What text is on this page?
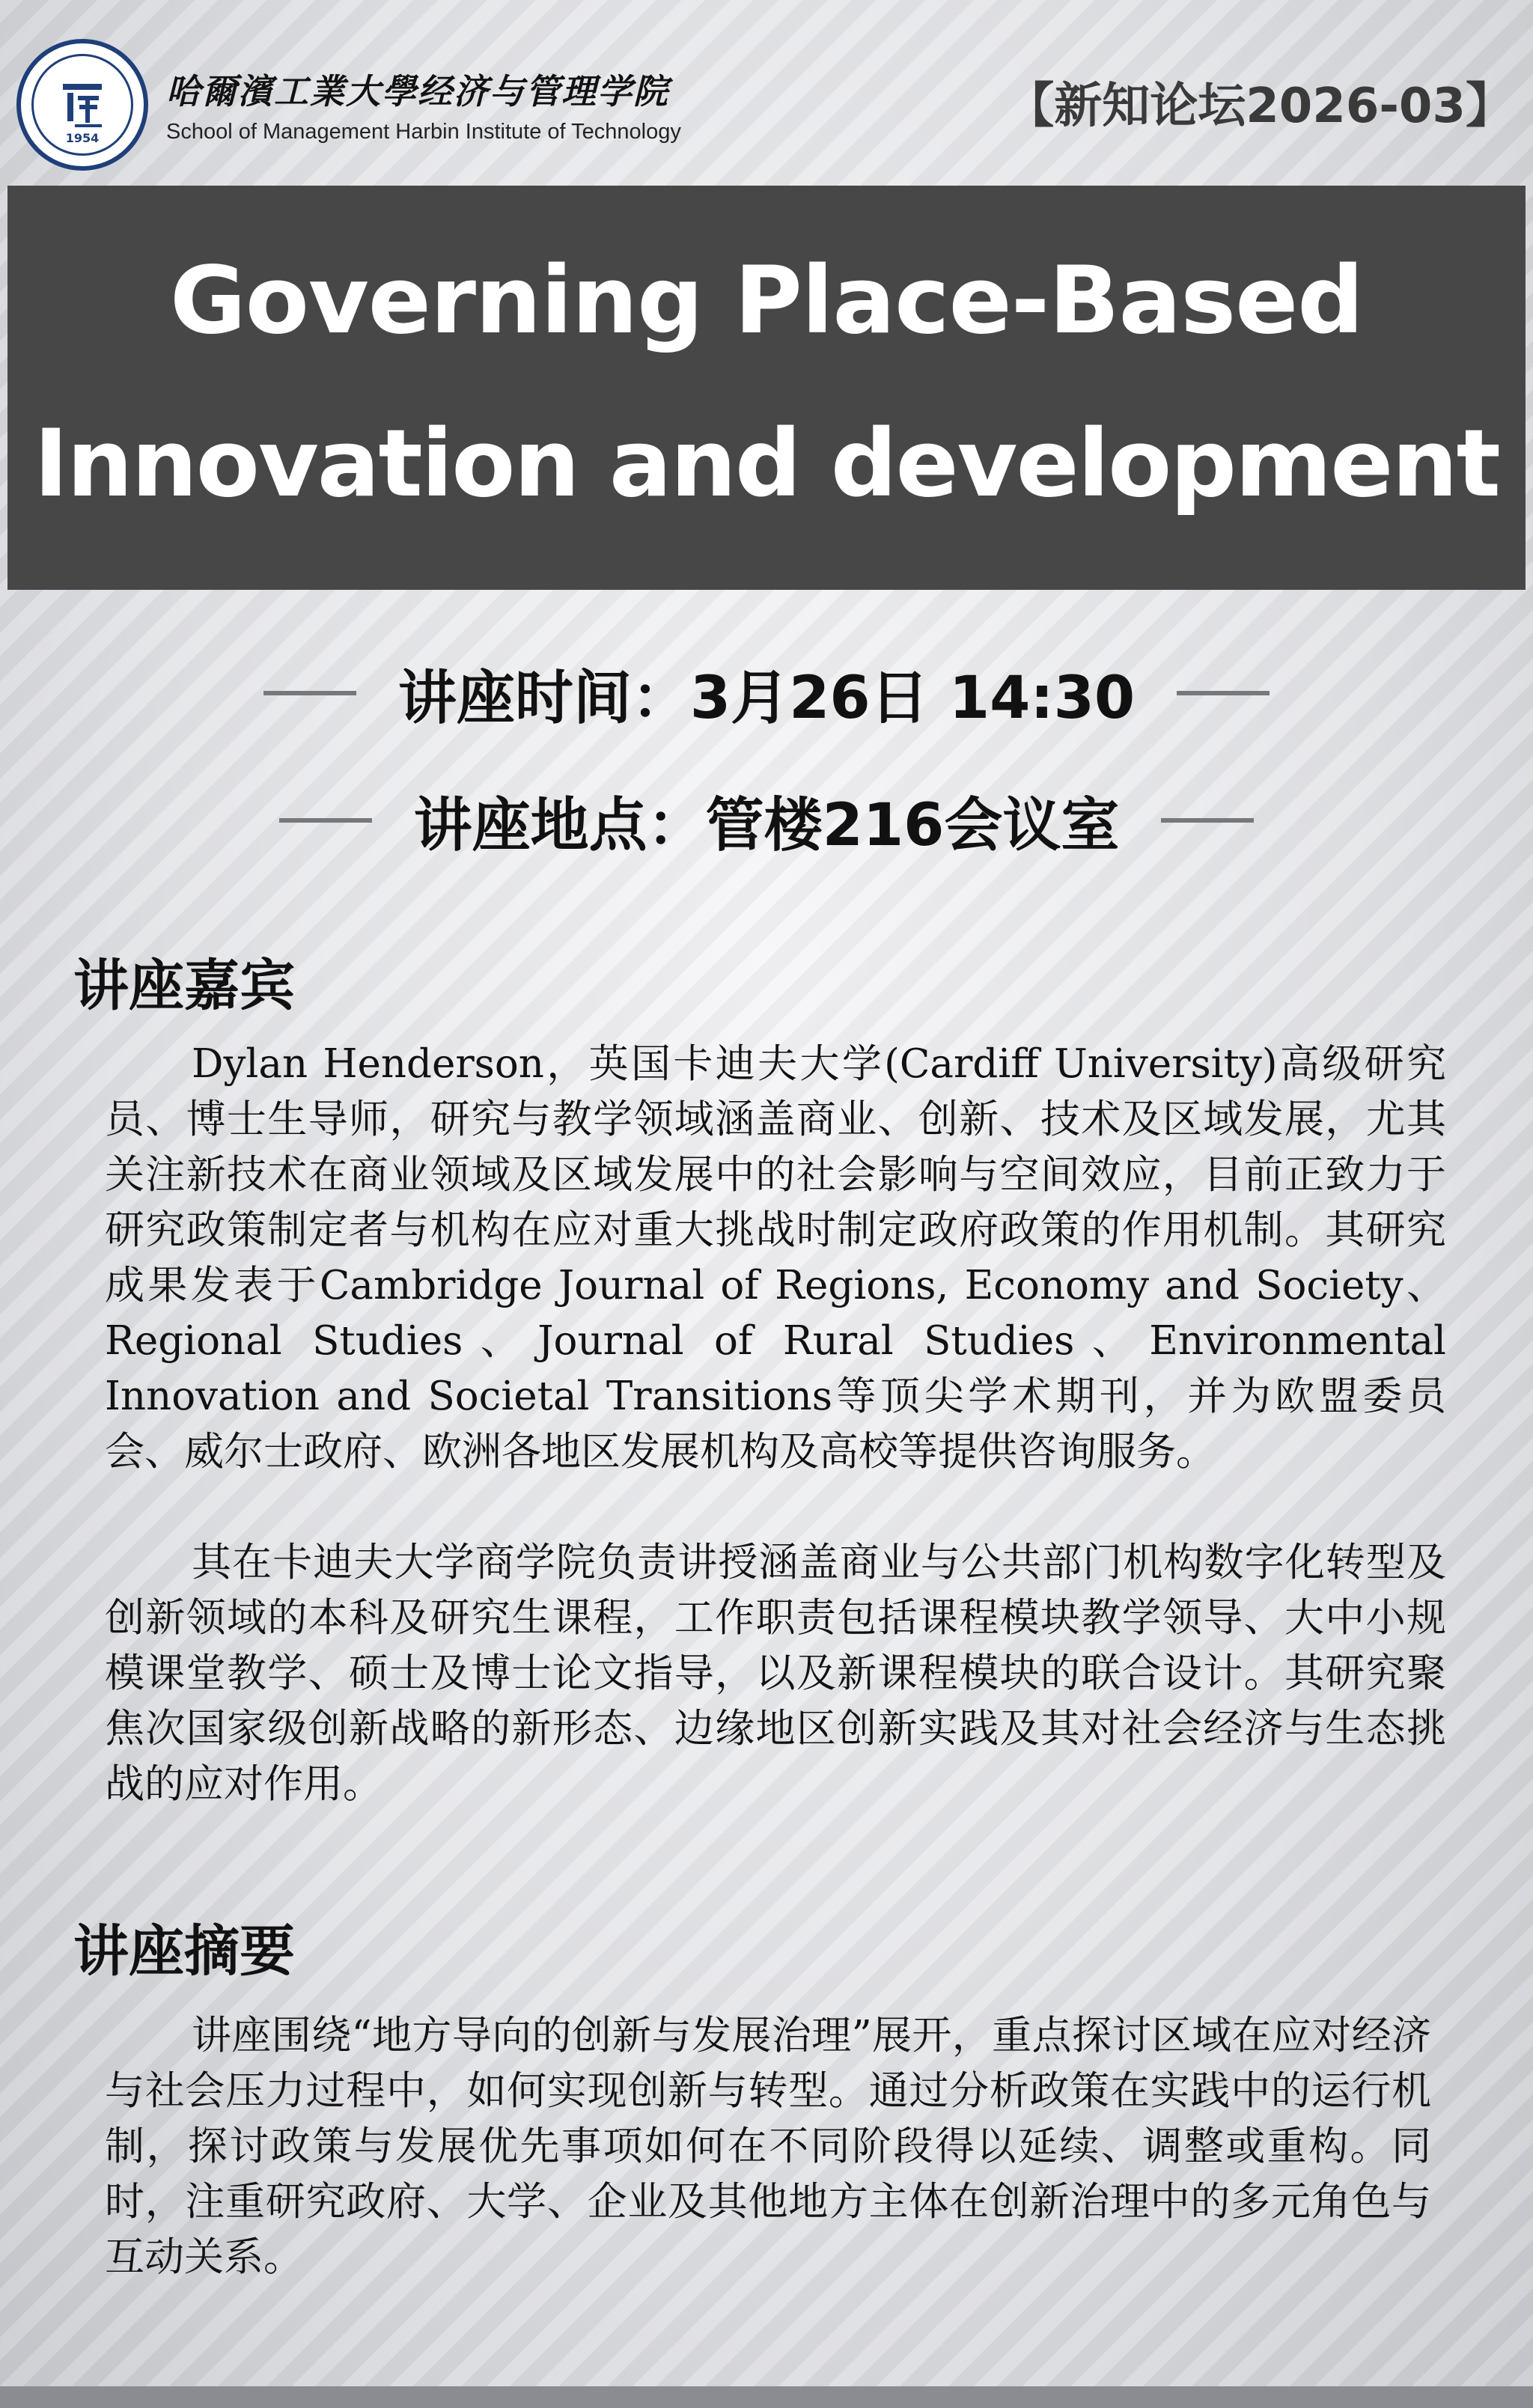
1954
哈爾濱工業大學经济与管理学院
School of Management Harbin Institute of Technology	【新知论坛2026-03】
Governing Place-Based
Innovation and development
讲座时间：3月26日 14:30
讲座地点：管楼216会议室
讲座嘉宾

Dylan Henderson，英国卡迪夫大学(Cardiff University)高级研究员、博士生导师，研究与教学领域涵盖商业、创新、技术及区域发展，尤其关注新技术在商业领域及区域发展中的社会影响与空间效应，目前正致力于研究政策制定者与机构在应对重大挑战时制定政府政策的作用机制。其研究成果发表于Cambridge Journal of Regions, Economy and Society、Regional Studies、Journal of Rural Studies、Environmental Innovation and Societal Transitions等顶尖学术期刊，并为欧盟委员会、威尔士政府、欧洲各地区发展机构及高校等提供咨询服务。

其在卡迪夫大学商学院负责讲授涵盖商业与公共部门机构数字化转型及创新领域的本科及研究生课程，工作职责包括课程模块教学领导、大中小规模课堂教学、硕士及博士论文指导，以及新课程模块的联合设计。其研究聚焦次国家级创新战略的新形态、边缘地区创新实践及其对社会经济与生态挑战的应对作用。

讲座摘要

讲座围绕“地方导向的创新与发展治理”展开，重点探讨区域在应对经济与社会压力过程中，如何实现创新与转型。通过分析政策在实践中的运行机制，探讨政策与发展优先事项如何在不同阶段得以延续、调整或重构。同时，注重研究政府、大学、企业及其他地方主体在创新治理中的多元角色与互动关系。
